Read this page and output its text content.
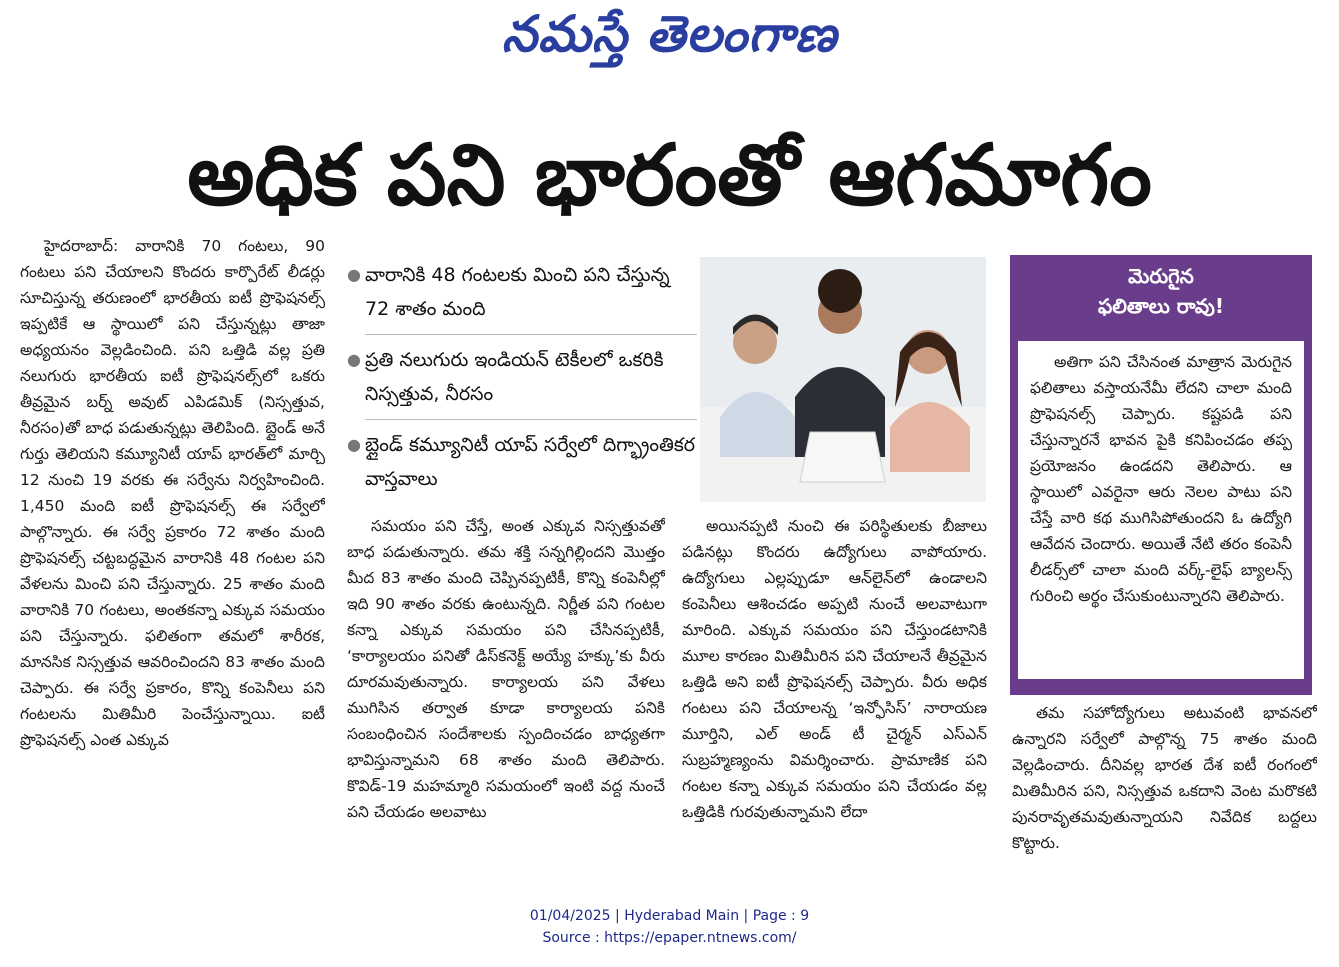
నమస్తే తెలంగాణ
అధిక పని భారంతో ఆగమాగం

హైదరాబాద్: వారానికి 70 గంటలు, 90 గంటలు పని చేయాలని కొందరు కార్పొరేట్ లీడర్లు సూచిస్తున్న తరుణంలో భారతీయ ఐటీ ప్రొఫెషనల్స్ ఇప్పటికే ఆ స్థాయిలో పని చేస్తున్నట్లు తాజా అధ్యయనం వెల్లడించింది. పని ఒత్తిడి వల్ల ప్రతి నలుగురు భారతీయ ఐటీ ప్రొఫెషనల్స్‌లో ఒకరు తీవ్రమైన బర్న్ అవుట్ ఎపిడమిక్ (నిస్సత్తువ, నీరసం)తో బాధ పడుతున్నట్లు తెలిపింది. బ్లైండ్ అనే గుర్తు తెలియని కమ్యూనిటీ యాప్ భారత్‌లో మార్చి 12 నుంచి 19 వరకు ఈ సర్వేను నిర్వహించింది. 1,450 మంది ఐటీ ప్రొఫెషనల్స్ ఈ సర్వేలో పాల్గొన్నారు. ఈ సర్వే ప్రకారం 72 శాతం మంది ప్రొఫెషనల్స్ చట్టబద్ధమైన వారానికి 48 గంటల పని వేళలను మించి పని చేస్తున్నారు. 25 శాతం మంది వారానికి 70 గంటలు, అంతకన్నా ఎక్కువ సమయం పని చేస్తున్నారు. ఫలితంగా తమలో శారీరక, మానసిక నిస్సత్తువ ఆవరించిందని 83 శాతం మంది చెప్పారు. ఈ సర్వే ప్రకారం, కొన్ని కంపెనీలు పని గంటలను మితిమీరి పెంచేస్తున్నాయి. ఐటీ ప్రొఫెషనల్స్ ఎంత ఎక్కువ

● వారానికి 48 గంటలకు మించి పని చేస్తున్న 72 శాతం మంది
● ప్రతి నలుగురు ఇండియన్ టెకీలలో ఒకరికి నిస్సత్తువ, నీరసం
● బ్లైండ్ కమ్యూనిటీ యాప్ సర్వేలో దిగ్భ్రాంతికర వాస్తవాలు

సమయం పని చేస్తే, అంత ఎక్కువ నిస్సత్తువతో బాధ పడుతున్నారు. తమ శక్తి సన్నగిల్లిందని మొత్తం మీద 83 శాతం మంది చెప్పినప్పటికీ, కొన్ని కంపెనీల్లో ఇది 90 శాతం వరకు ఉంటున్నది. నిర్ణీత పని గంటల కన్నా ఎక్కువ సమయం పని చేసినప్పటికీ, ‘కార్యాలయం పనితో డిస్‌కనెక్ట్ అయ్యే హక్కు’కు వీరు దూరమవుతున్నారు. కార్యాలయ పని వేళలు ముగిసిన తర్వాత కూడా కార్యాలయ పనికి సంబంధించిన సందేశాలకు స్పందించడం బాధ్యతగా భావిస్తున్నామని 68 శాతం మంది తెలిపారు. కొవిడ్-19 మహమ్మారి సమయంలో ఇంటి వద్ద నుంచే పని చేయడం అలవాటు

అయినప్పటి నుంచి ఈ పరిస్థితులకు బీజాలు పడినట్లు కొందరు ఉద్యోగులు వాపోయారు. ఉద్యోగులు ఎల్లప్పుడూ ఆన్‌లైన్‌లో ఉండాలని కంపెనీలు ఆశించడం అప్పటి నుంచే అలవాటుగా మారింది. ఎక్కువ సమయం పని చేస్తుండటానికి మూల కారణం మితిమీరిన పని చేయాలనే తీవ్రమైన ఒత్తిడి అని ఐటీ ప్రొఫెషనల్స్ చెప్పారు. వీరు అధిక గంటలు పని చేయాలన్న ‘ఇన్ఫోసిస్’ నారాయణ మూర్తిని, ఎల్ అండ్ టీ చైర్మన్ ఎస్ఎన్ సుబ్రహ్మణ్యంను విమర్శించారు. ప్రామాణిక పని గంటల కన్నా ఎక్కువ సమయం పని చేయడం వల్ల ఒత్తిడికి గురవుతున్నామని లేదా

మెరుగైన
ఫలితాలు రావు!

అతిగా పని చేసినంత మాత్రాన మెరుగైన ఫలితాలు వస్తాయనేమీ లేదని చాలా మంది ప్రొఫెషనల్స్ చెప్పారు. కష్టపడి పని చేస్తున్నారనే భావన పైకి కనిపించడం తప్ప ప్రయోజనం ఉండదని తెలిపారు. ఆ స్థాయిలో ఎవరైనా ఆరు నెలల పాటు పని చేస్తే వారి కథ ముగిసిపోతుందని ఓ ఉద్యోగి ఆవేదన చెందారు. అయితే నేటి తరం కంపెనీ లీడర్స్‌లో చాలా మంది వర్క్-లైఫ్ బ్యాలన్స్ గురించి అర్థం చేసుకుంటున్నారని తెలిపారు.

తమ సహోద్యోగులు అటువంటి భావనలో ఉన్నారని సర్వేలో పాల్గొన్న 75 శాతం మంది వెల్లడించారు. దీనివల్ల భారత దేశ ఐటీ రంగంలో మితిమీరిన పని, నిస్సత్తువ ఒకదాని వెంట మరొకటి పునరావృతమవుతున్నాయని నివేదిక బద్దలు కొట్టారు.

01/04/2025 | Hyderabad Main | Page : 9
Source : https://epaper.ntnews.com/
